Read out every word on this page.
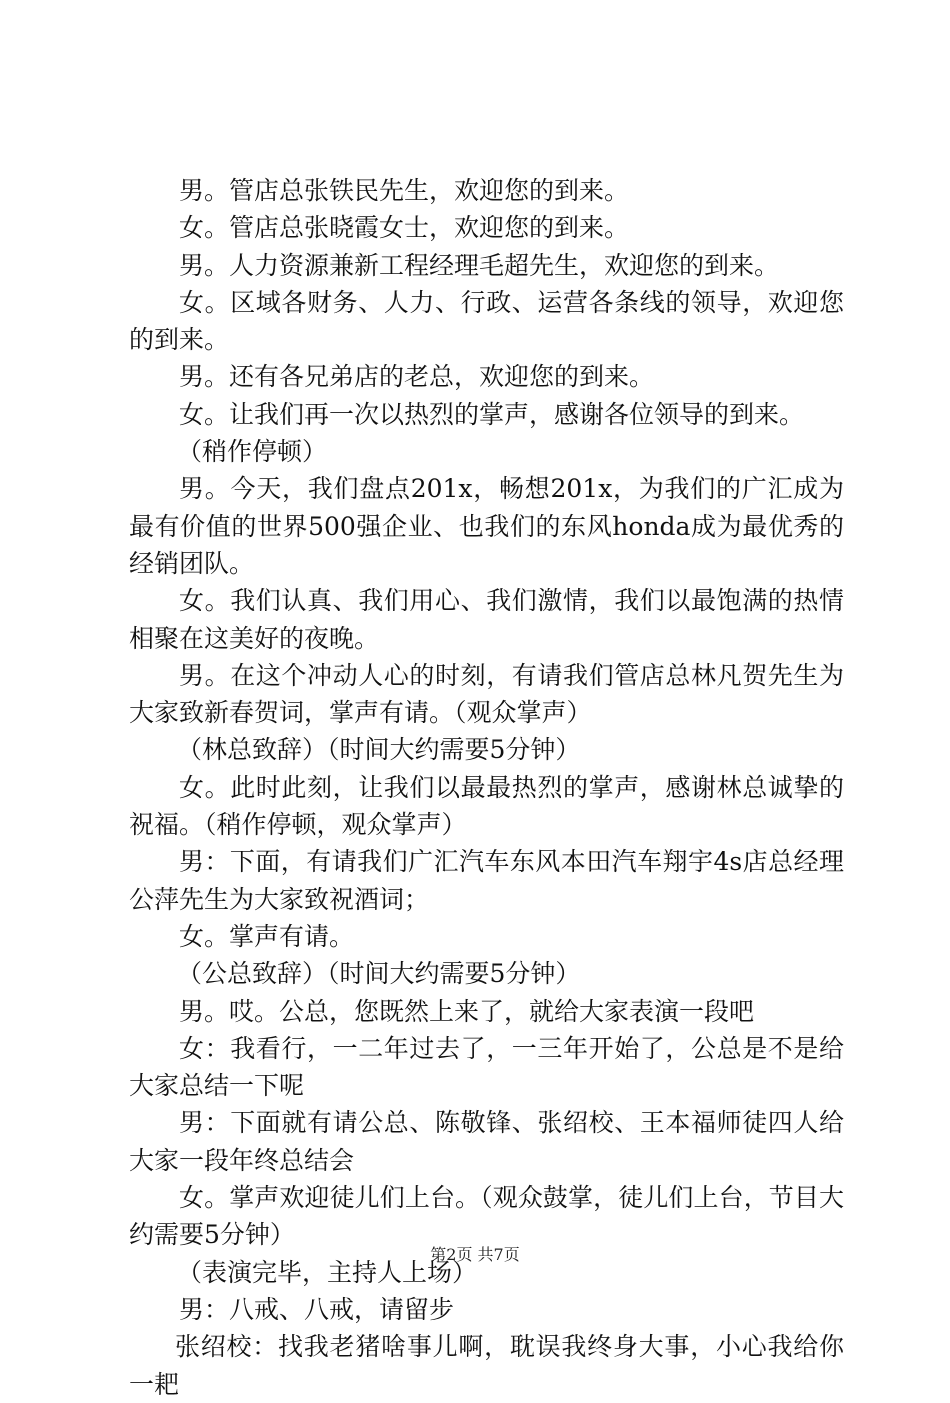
男。管店总张铁民先生，欢迎您的到来。

女。管店总张晓霞女士，欢迎您的到来。

男。人力资源兼新工程经理毛超先生，欢迎您的到来。

女。区域各财务、人力、行政、运营各条线的领导，欢迎您的到来。

男。还有各兄弟店的老总，欢迎您的到来。

女。让我们再一次以热烈的掌声，感谢各位领导的到来。

（稍作停顿）

男。今天，我们盘点201x，畅想201x，为我们的广汇成为最有价值的世界500强企业、也我们的东风honda成为最优秀的经销团队。

女。我们认真、我们用心、我们激情，我们以最饱满的热情相聚在这美好的夜晚。

男。在这个冲动人心的时刻，有请我们管店总林凡贺先生为大家致新春贺词，掌声有请。（观众掌声）

（林总致辞）（时间大约需要5分钟）

女。此时此刻，让我们以最最热烈的掌声，感谢林总诚挚的祝福。（稍作停顿，观众掌声）

男：下面，有请我们广汇汽车东风本田汽车翔宇4s店总经理公萍先生为大家致祝酒词；

女。掌声有请。

（公总致辞）（时间大约需要5分钟）

男。哎。公总，您既然上来了，就给大家表演一段吧

女：我看行，一二年过去了，一三年开始了，公总是不是给大家总结一下呢

男：下面就有请公总、陈敬锋、张绍校、王本福师徒四人给大家一段年终总结会

女。掌声欢迎徒儿们上台。（观众鼓掌，徒儿们上台，节目大约需要5分钟）

（表演完毕，主持人上场）

男：八戒、八戒，请留步

张绍校：找我老猪啥事儿啊，耽误我终身大事，小心我给你一耙

第2页 共7页
